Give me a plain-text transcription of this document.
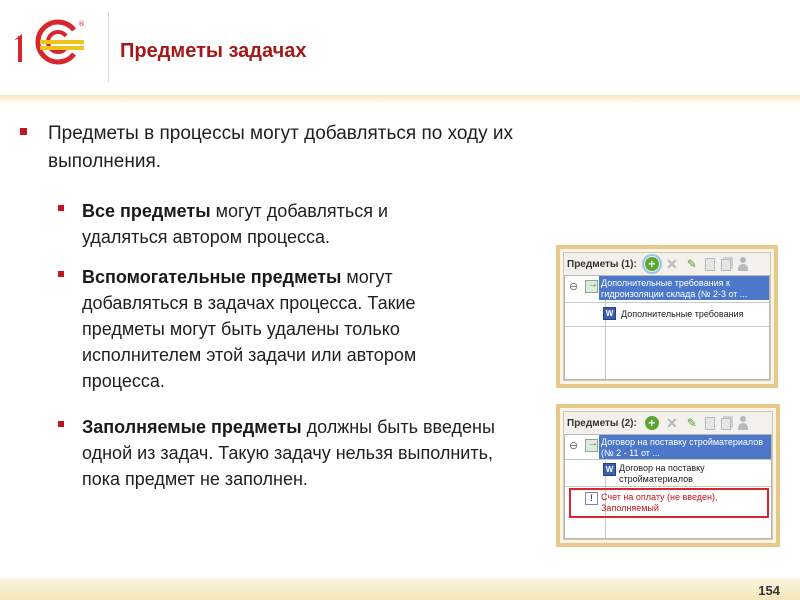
®
Предметы задачах
Предметы в процессы могут добавляться по ходу их выполнения.
Все предметы могут добавляться и удаляться автором процесса.
Вспомогательные предметы могут добавляться в задачах процесса. Такие предметы могут быть удалены только исполнителем этой задачи или автором процесса.
Заполняемые предметы должны быть введены одной из задач. Такую задачу нельзя выполнить, пока предмет не заполнен.
Предметы (1): + ✕ ✎
⊖ →	Дополнительные требования к гидроизоляции склада (№ 2-3 от ...
W Дополнительные требования
Предметы (2): + ✕ ✎
⊖ →	Договор на поставку стройматериалов (№ 2 - 11 от ...
W Договор на поставку стройматериалов
! Счет на оплату (не введен), Заполняемый
154
